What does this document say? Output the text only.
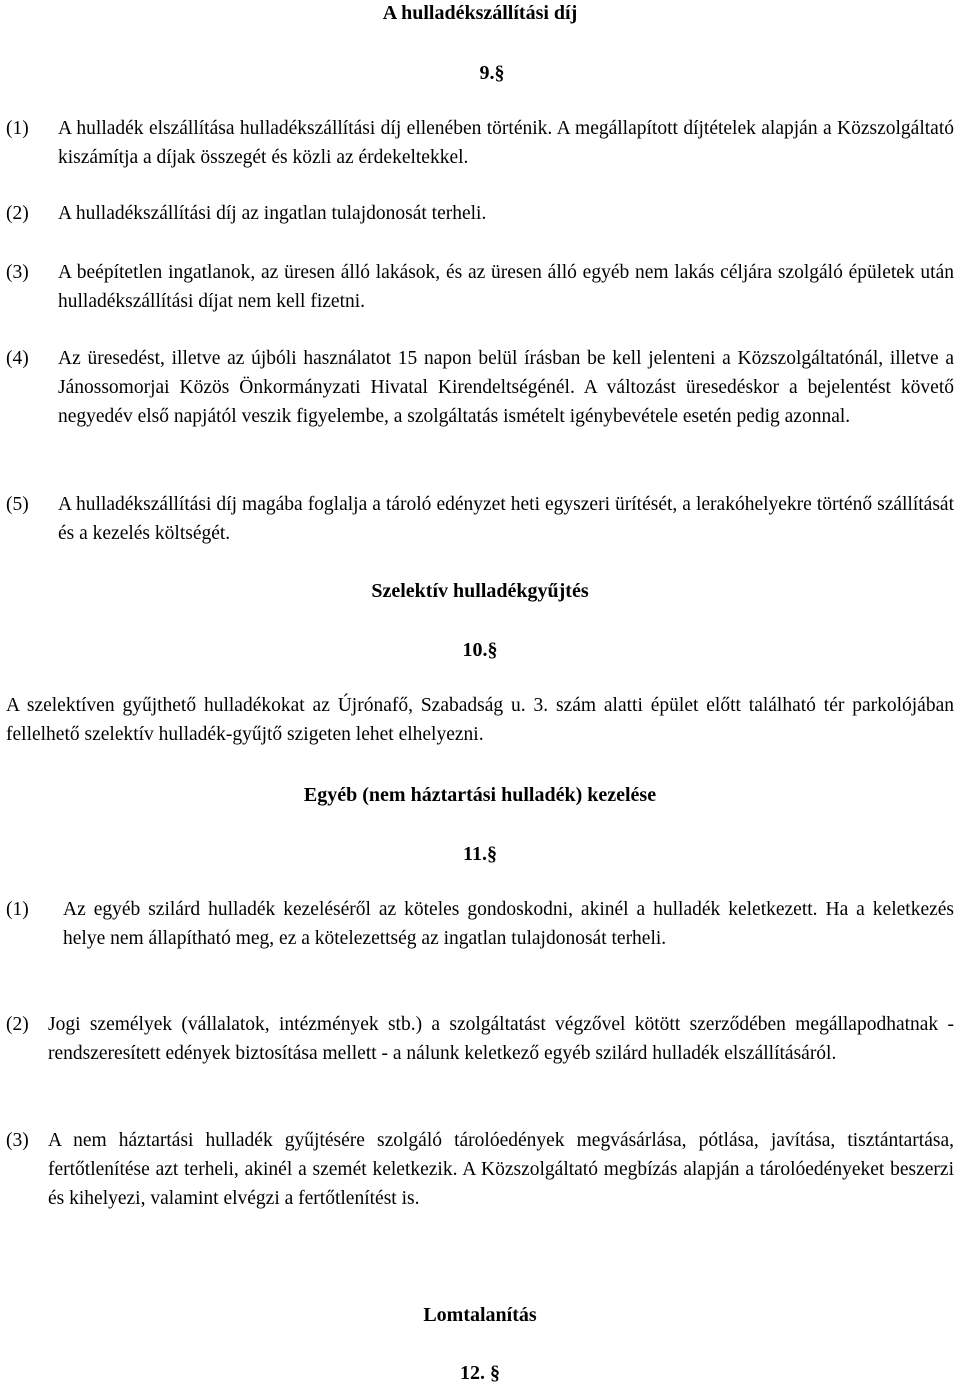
A hulladékszállítási díj
9.§
(1) A hulladék elszállítása hulladékszállítási díj ellenében történik. A megállapított díjtételek alapján a Közszolgáltató kiszámítja a díjak összegét és közli az érdekeltekkel.
(2) A hulladékszállítási díj az ingatlan tulajdonosát terheli.
(3) A beépítetlen ingatlanok, az üresen álló lakások, és az üresen álló egyéb nem lakás céljára szolgáló épületek után hulladékszállítási díjat nem kell fizetni.
(4) Az üresedést, illetve az újbóli használatot 15 napon belül írásban be kell jelenteni a Közszolgáltatónál, illetve a Jánossomorjai Közös Önkormányzati Hivatal Kirendeltségénél. A változást üresedéskor a bejelentést követő negyedév első napjától veszik figyelembe, a szolgáltatás ismételt igénybevétele esetén pedig azonnal.
(5) A hulladékszállítási díj magába foglalja a tároló edényzet heti egyszeri ürítését, a lerakóhelyekre történő szállítását és a kezelés költségét.
Szelektív hulladékgyűjtés
10.§
A szelektíven gyűjthető hulladékokat az Újrónafő, Szabadság u. 3. szám alatti épület előtt található tér parkolójában fellelhető szelektív hulladék-gyűjtő szigeten lehet elhelyezni.
Egyéb (nem háztartási hulladék) kezelése
11.§
(1) Az egyéb szilárd hulladék kezeléséről az köteles gondoskodni, akinél a hulladék keletkezett. Ha a keletkezés helye nem állapítható meg, ez a kötelezettség az ingatlan tulajdonosát terheli.
(2) Jogi személyek (vállalatok, intézmények stb.) a szolgáltatást végzővel kötött szerződében megállapodhatnak - rendszeresített edények biztosítása mellett - a nálunk keletkező egyéb szilárd hulladék elszállításáról.
(3) A nem háztartási hulladék gyűjtésére szolgáló tárolóedények megvásárlása, pótlása, javítása, tisztántartása, fertőtlenítése azt terheli, akinél a szemét keletkezik. A Közszolgáltató megbízás alapján a tárolóedényeket beszerzi és kihelyezi, valamint elvégzi a fertőtlenítést is.
Lomtalanítás
12. §
